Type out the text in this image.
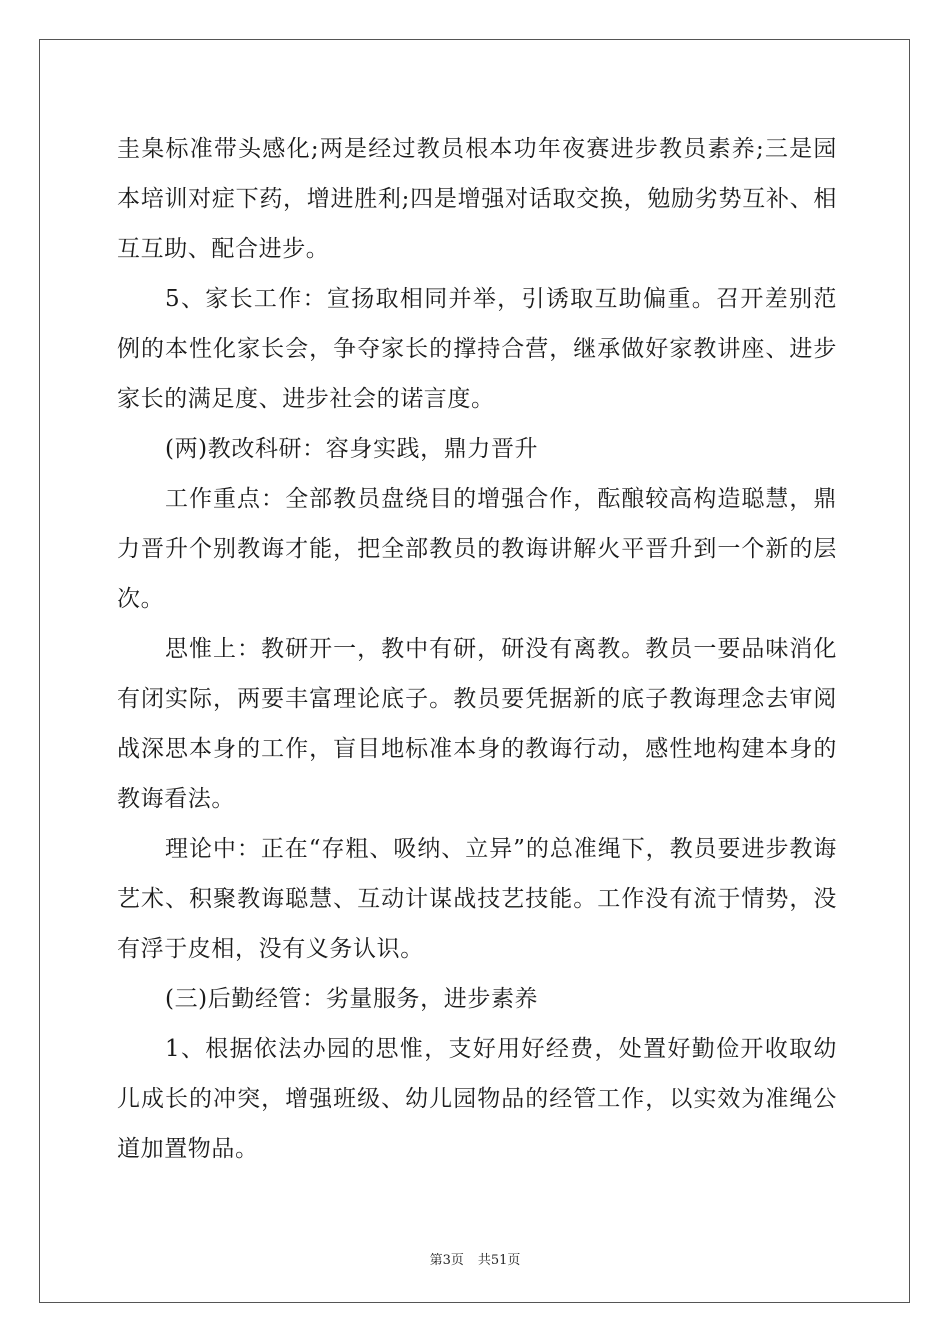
圭臬标准带头感化;两是经过教员根本功年夜赛进步教员素养;三是园本培训对症下药，增进胜利;四是增强对话取交换，勉励劣势互补、相互互助、配合进步。

5、家长工作：宣扬取相同并举，引诱取互助偏重。召开差别范例的本性化家长会，争夺家长的撑持合营，继承做好家教讲座、进步家长的满足度、进步社会的诺言度。

(两)教改科研：容身实践，鼎力晋升

工作重点：全部教员盘绕目的增强合作，酝酿较高构造聪慧，鼎力晋升个别教诲才能，把全部教员的教诲讲解火平晋升到一个新的层次。

思惟上：教研开一，教中有研，研没有离教。教员一要品味消化有闭实际，两要丰富理论底子。教员要凭据新的底子教诲理念去审阅战深思本身的工作，盲目地标准本身的教诲行动，感性地构建本身的教诲看法。

理论中：正在“存粗、吸纳、立异”的总准绳下，教员要进步教诲艺术、积聚教诲聪慧、互动计谋战技艺技能。工作没有流于情势，没有浮于皮相，没有义务认识。

(三)后勤经管：劣量服务，进步素养

1、根据依法办园的思惟，支好用好经费，处置好勤俭开收取幼儿成长的冲突，增强班级、幼儿园物品的经管工作，以实效为准绳公道加置物品。

第3页 共51页
